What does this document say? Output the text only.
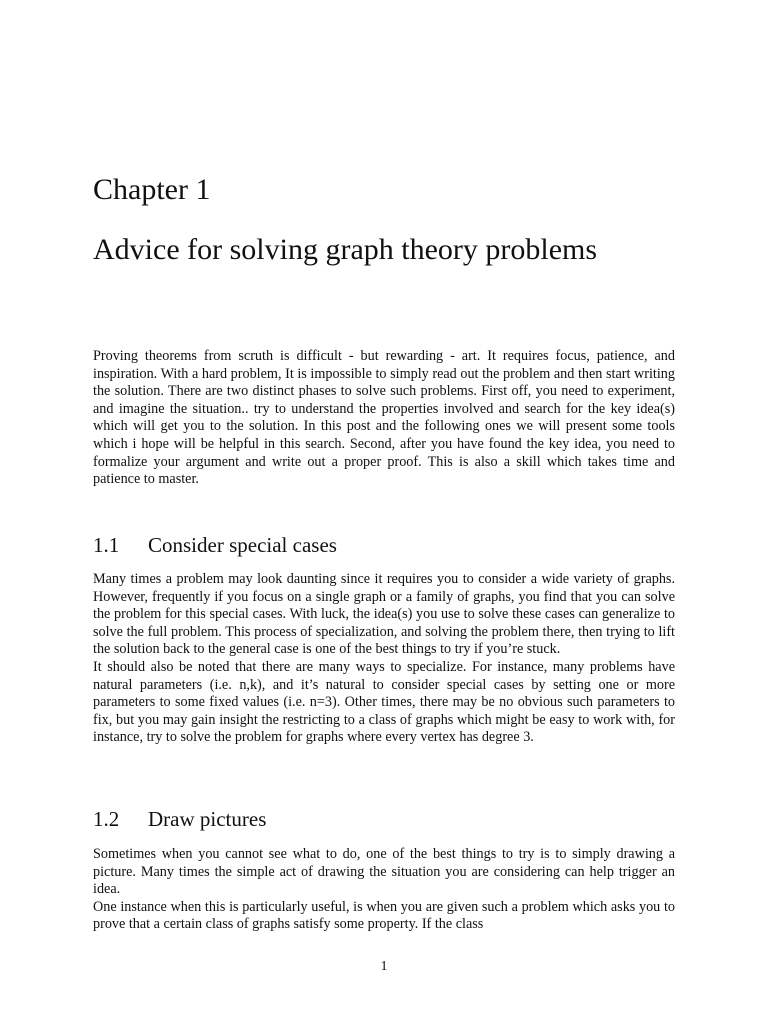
Chapter 1
Advice for solving graph theory problems

Proving theorems from scruth is difficult - but rewarding - art. It requires focus, patience, and inspiration. With a hard problem, It is impossible to simply read out the problem and then start writing the solution. There are two distinct phases to solve such problems. First off, you need to experiment, and imagine the situation.. try to understand the properties involved and search for the key idea(s) which will get you to the solution. In this post and the following ones we will present some tools which i hope will be helpful in this search. Second, after you have found the key idea, you need to formalize your argument and write out a proper proof. This is also a skill which takes time and patience to master.

1.1 Consider special cases

Many times a problem may look daunting since it requires you to consider a wide variety of graphs. However, frequently if you focus on a single graph or a family of graphs, you find that you can solve the problem for this special cases. With luck, the idea(s) you use to solve these cases can generalize to solve the full problem. This process of specialization, and solving the problem there, then trying to lift the solution back to the general case is one of the best things to try if you’re stuck.

It should also be noted that there are many ways to specialize. For instance, many problems have natural parameters (i.e. n,k), and it’s natural to consider special cases by setting one or more parameters to some fixed values (i.e. n=3). Other times, there may be no obvious such parameters to fix, but you may gain insight the restricting to a class of graphs which might be easy to work with, for instance, try to solve the problem for graphs where every vertex has degree 3.

1.2 Draw pictures

Sometimes when you cannot see what to do, one of the best things to try is to simply drawing a picture. Many times the simple act of drawing the situation you are considering can help trigger an idea.

One instance when this is particularly useful, is when you are given such a problem which asks you to prove that a certain class of graphs satisfy some property. If the class

1
